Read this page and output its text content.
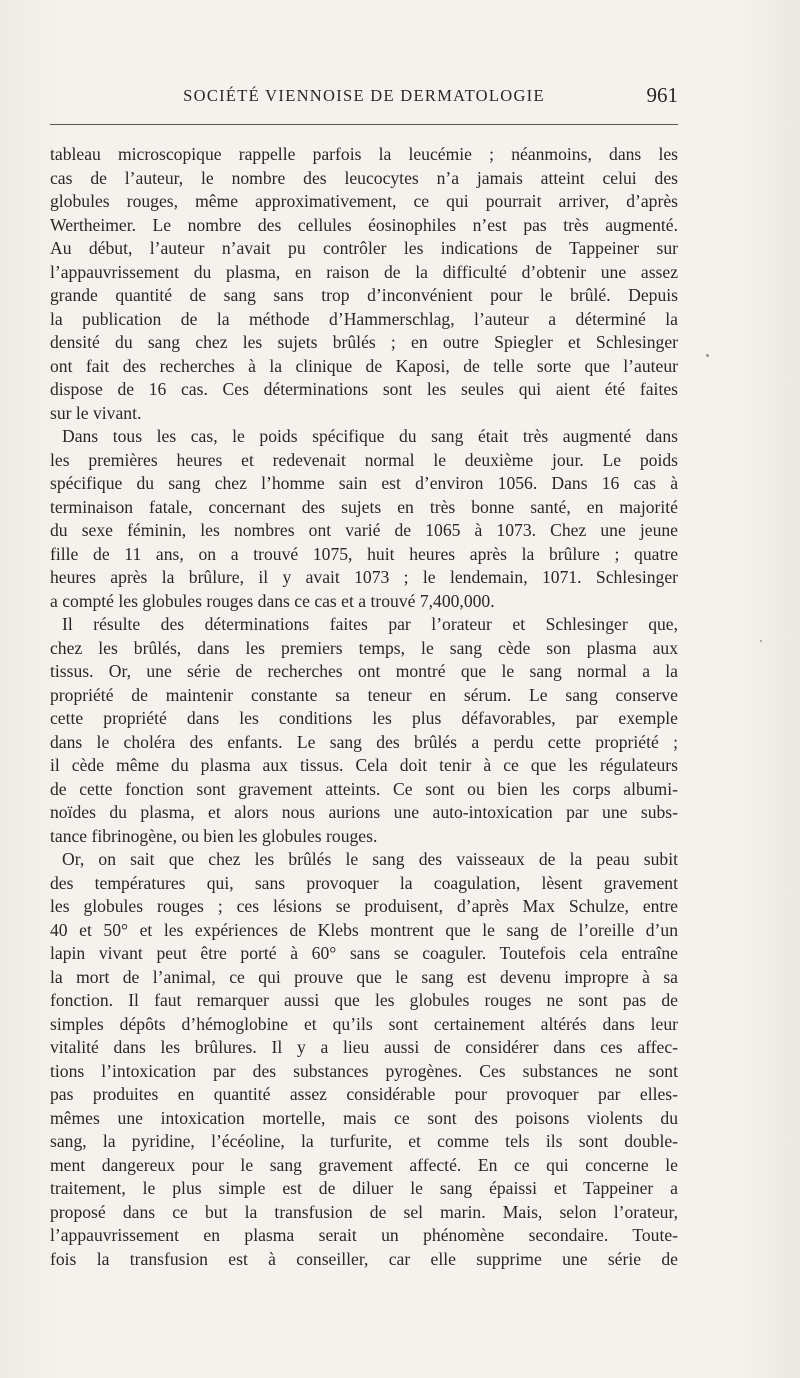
SOCIÉTÉ VIENNOISE DE DERMATOLOGIE	961
tableau microscopique rappelle parfois la leucémie ; néanmoins, dans les
cas de l’auteur, le nombre des leucocytes n’a jamais atteint celui des
globules rouges, même approximativement, ce qui pourrait arriver, d’après
Wertheimer. Le nombre des cellules éosinophiles n’est pas très augmenté.
Au début, l’auteur n’avait pu contrôler les indications de Tappeiner sur
l’appauvrissement du plasma, en raison de la difficulté d’obtenir une assez
grande quantité de sang sans trop d’inconvénient pour le brûlé. Depuis
la publication de la méthode d’Hammerschlag, l’auteur a déterminé la
densité du sang chez les sujets brûlés ; en outre Spiegler et Schlesinger
ont fait des recherches à la clinique de Kaposi, de telle sorte que l’auteur
dispose de 16 cas. Ces déterminations sont les seules qui aient été faites
sur le vivant.
Dans tous les cas, le poids spécifique du sang était très augmenté dans
les premières heures et redevenait normal le deuxième jour. Le poids
spécifique du sang chez l’homme sain est d’environ 1056. Dans 16 cas à
terminaison fatale, concernant des sujets en très bonne santé, en majorité
du sexe féminin, les nombres ont varié de 1065 à 1073. Chez une jeune
fille de 11 ans, on a trouvé 1075, huit heures après la brûlure ; quatre
heures après la brûlure, il y avait 1073 ; le lendemain, 1071. Schlesinger
a compté les globules rouges dans ce cas et a trouvé 7,400,000.
Il résulte des déterminations faites par l’orateur et Schlesinger que,
chez les brûlés, dans les premiers temps, le sang cède son plasma aux
tissus. Or, une série de recherches ont montré que le sang normal a la
propriété de maintenir constante sa teneur en sérum. Le sang conserve
cette propriété dans les conditions les plus défavorables, par exemple
dans le choléra des enfants. Le sang des brûlés a perdu cette propriété ;
il cède même du plasma aux tissus. Cela doit tenir à ce que les régulateurs
de cette fonction sont gravement atteints. Ce sont ou bien les corps albumi-
noïdes du plasma, et alors nous aurions une auto-intoxication par une subs-
tance fibrinogène, ou bien les globules rouges.
Or, on sait que chez les brûlés le sang des vaisseaux de la peau subit
des températures qui, sans provoquer la coagulation, lèsent gravement
les globules rouges ; ces lésions se produisent, d’après Max Schulze, entre
40 et 50° et les expériences de Klebs montrent que le sang de l’oreille d’un
lapin vivant peut être porté à 60° sans se coaguler. Toutefois cela entraîne
la mort de l’animal, ce qui prouve que le sang est devenu impropre à sa
fonction. Il faut remarquer aussi que les globules rouges ne sont pas de
simples dépôts d’hémoglobine et qu’ils sont certainement altérés dans leur
vitalité dans les brûlures. Il y a lieu aussi de considérer dans ces affec-
tions l’intoxication par des substances pyrogènes. Ces substances ne sont
pas produites en quantité assez considérable pour provoquer par elles-
mêmes une intoxication mortelle, mais ce sont des poisons violents du
sang, la pyridine, l’écéoline, la turfurite, et comme tels ils sont double-
ment dangereux pour le sang gravement affecté. En ce qui concerne le
traitement, le plus simple est de diluer le sang épaissi et Tappeiner a
proposé dans ce but la transfusion de sel marin. Mais, selon l’orateur,
l’appauvrissement en plasma serait un phénomène secondaire. Toute-
fois la transfusion est à conseiller, car elle supprime une série de
